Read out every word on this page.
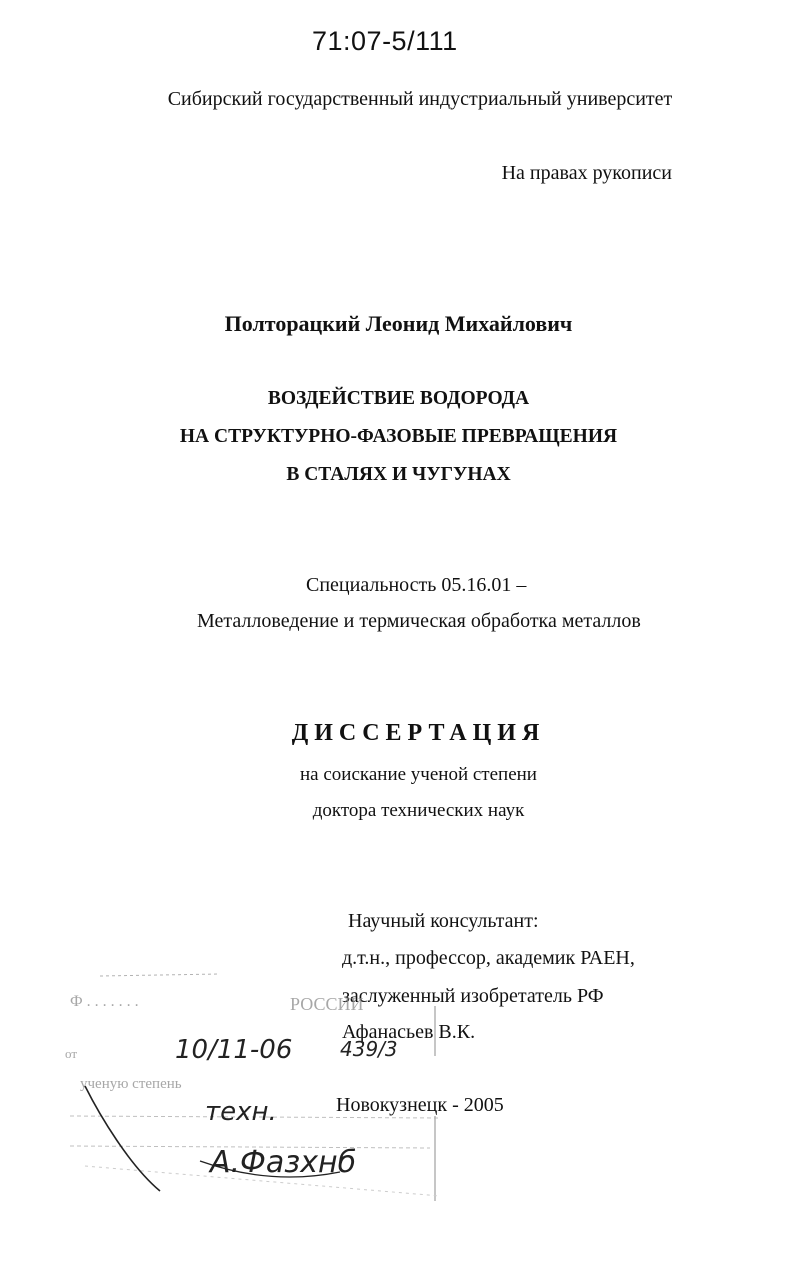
71:07-5/111
Сибирский государственный индустриальный университет
На правах рукописи
Полторацкий Леонид Михайлович
ВОЗДЕЙСТВИЕ ВОДОРОДА
НА СТРУКТУРНО-ФАЗОВЫЕ ПРЕВРАЩЕНИЯ
В СТАЛЯХ И ЧУГУНАХ
Специальность 05.16.01 –
Металловедение и термическая обработка металлов
ДИССЕРТАЦИЯ
на соискание ученой степени
доктора технических наук
Научный консультант:
д.т.н., профессор, академик РАЕН,
заслуженный изобретатель РФ
Афанасьев В.К.
Новокузнецк - 2005
Ф . . . . . . .	РОССИИ
от
ученую степень
10/11-06 439/3
техн.
А.Фазхнб
